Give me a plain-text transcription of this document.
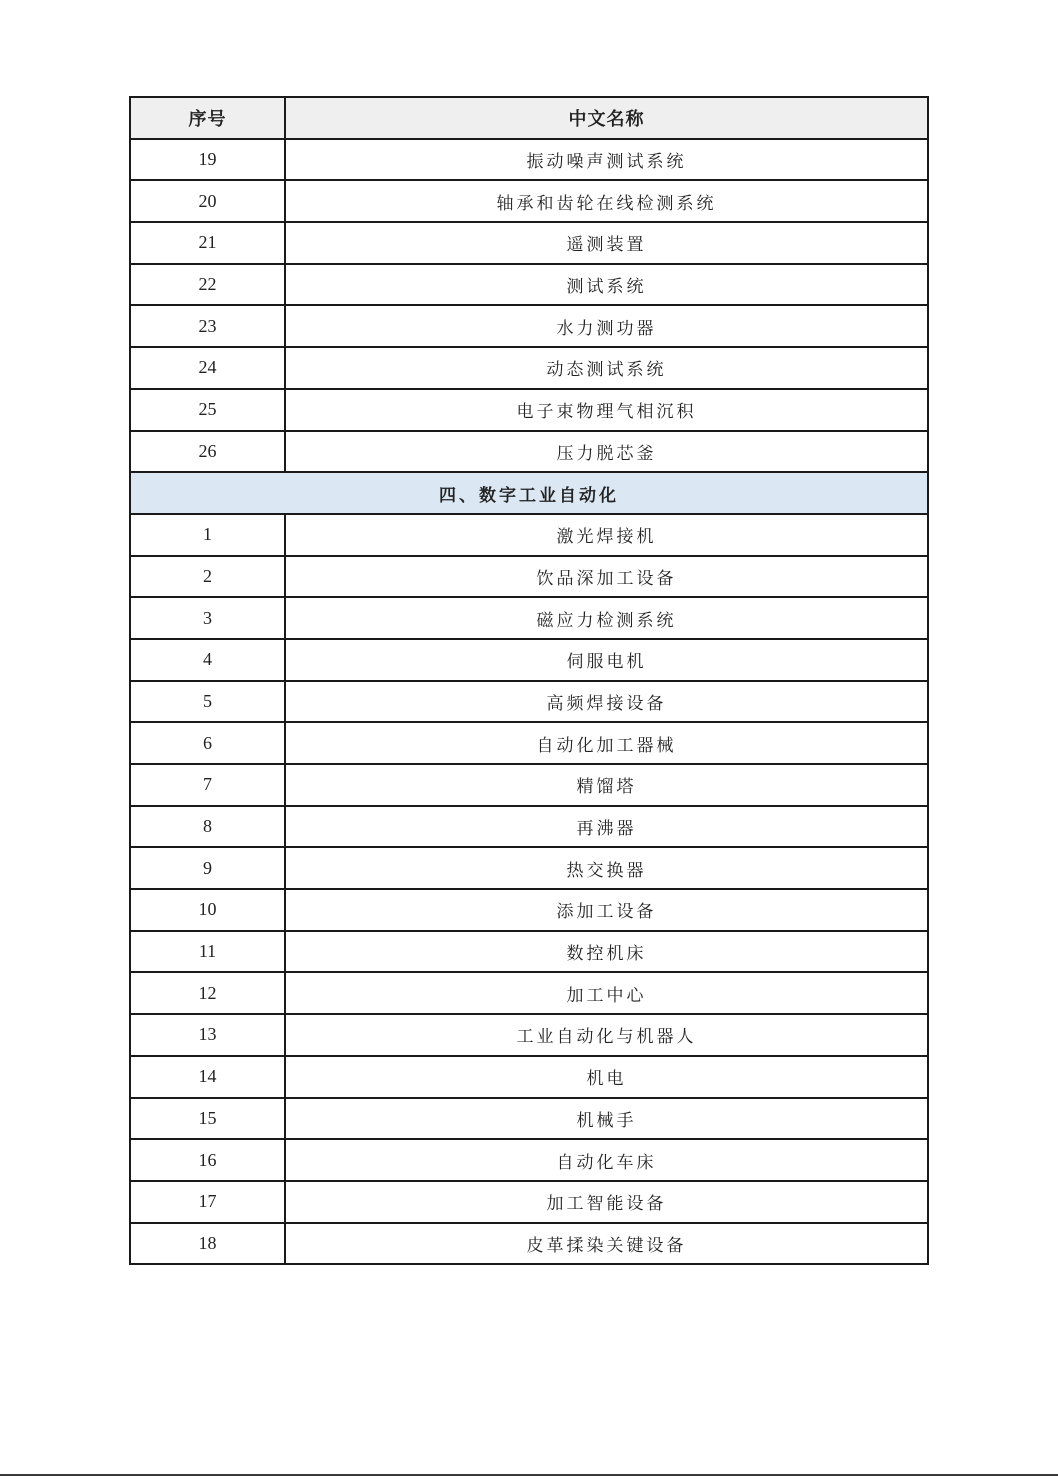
序号	中文名称
19	振动噪声测试系统
20	轴承和齿轮在线检测系统
21	遥测装置
22	测试系统
23	水力测功器
24	动态测试系统
25	电子束物理气相沉积
26	压力脱芯釜
四、数字工业自动化	
1	激光焊接机
2	饮品深加工设备
3	磁应力检测系统
4	伺服电机
5	高频焊接设备
6	自动化加工器械
7	精馏塔
8	再沸器
9	热交换器
10	添加工设备
11	数控机床
12	加工中心
13	工业自动化与机器人
14	机电
15	机械手
16	自动化车床
17	加工智能设备
18	皮革揉染关键设备
